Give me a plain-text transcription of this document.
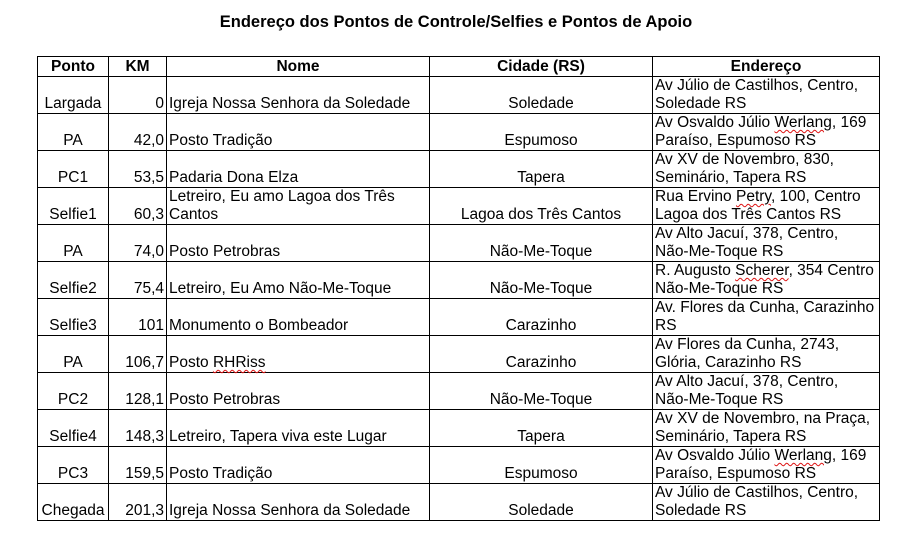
Endereço dos Pontos de Controle/Selfies e Pontos de Apoio
Ponto	KM	Nome	Cidade (RS)	Endereço
Largada	0	Igreja Nossa Senhora da Soledade	Soledade	Av Júlio de Castilhos, Centro,
Soledade RS

PA	42,0	Posto Tradição	Espumoso	Av Osvaldo Júlio Werlang, 169
Paraíso, Espumoso RS

PC1	53,5	Padaria Dona Elza	Tapera	Av XV de Novembro, 830,
Seminário, Tapera RS

Selfie1	60,3	Letreiro, Eu amo Lagoa dos Três
Cantos	Lagoa dos Três Cantos	Rua Ervino Petry, 100, Centro
Lagoa dos Três Cantos RS

PA	74,0	Posto Petrobras	Não-Me-Toque	Av Alto Jacuí, 378, Centro,
Não-Me-Toque RS

Selfie2	75,4	Letreiro, Eu Amo Não-Me-Toque	Não-Me-Toque	R. Augusto Scherer, 354 Centro
Não-Me-Toque RS

Selfie3	101	Monumento o Bombeador	Carazinho	Av. Flores da Cunha, Carazinho
RS

PA	106,7	Posto RHRiss	Carazinho	Av Flores da Cunha, 2743,
Glória, Carazinho RS

PC2	128,1	Posto Petrobras	Não-Me-Toque	Av Alto Jacuí, 378, Centro,
Não-Me-Toque RS

Selfie4	148,3	Letreiro, Tapera viva este Lugar	Tapera	Av XV de Novembro, na Praça,
Seminário, Tapera RS

PC3	159,5	Posto Tradição	Espumoso	Av Osvaldo Júlio Werlang, 169
Paraíso, Espumoso RS

Chegada	201,3	Igreja Nossa Senhora da Soledade	Soledade	Av Júlio de Castilhos, Centro,
Soledade RS
